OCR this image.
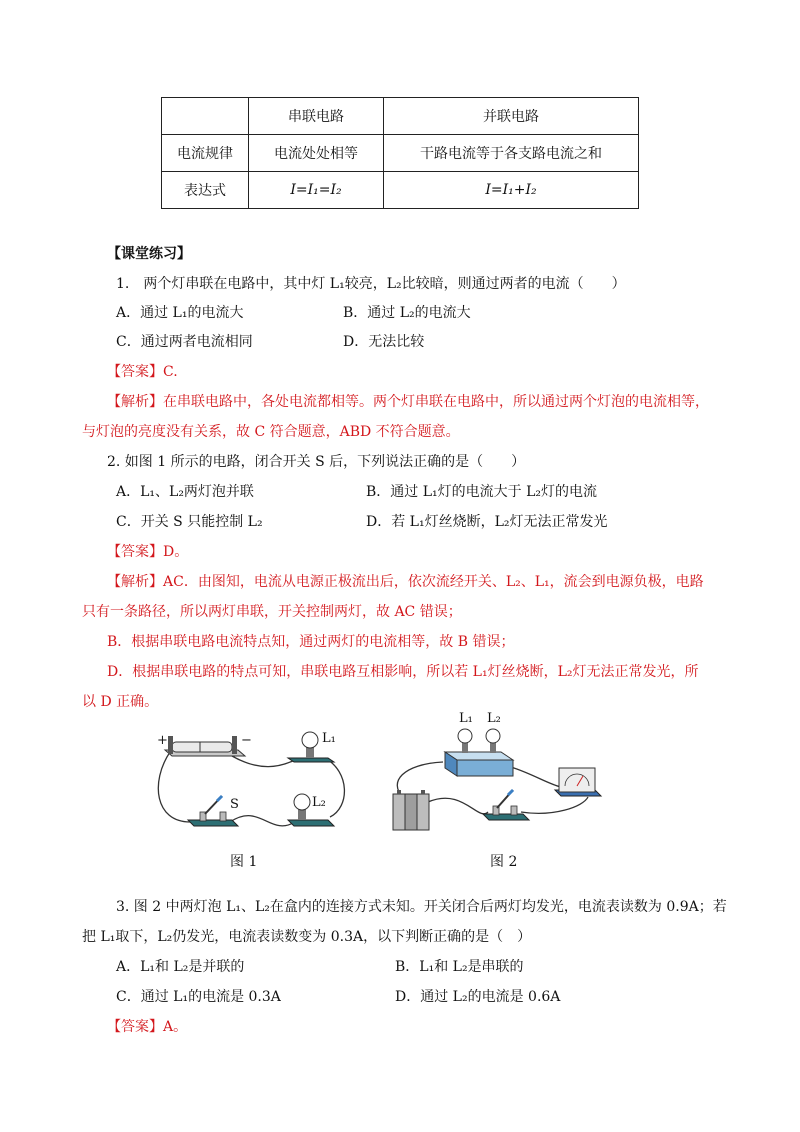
	串联电路	并联电路
电流规律	电流处处相等	干路电流等于各支路电流之和
表达式	I=I₁=I₂	I=I₁+I₂
【课堂练习】
1.　两个灯串联在电路中，其中灯 L₁较亮，L₂比较暗，则通过两者的电流（　　）
A．通过 L₁的电流大	B．通过 L₂的电流大
C．通过两者电流相同	D．无法比较
【答案】C.
【解析】在串联电路中，各处电流都相等。两个灯串联在电路中，所以通过两个灯泡的电流相等，
与灯泡的亮度没有关系，故 C 符合题意，ABD 不符合题意。
2. 如图 1 所示的电路，闭合开关 S 后，下列说法正确的是（　　）
A．L₁、L₂两灯泡并联	B．通过 L₁灯的电流大于 L₂灯的电流
C．开关 S 只能控制 L₂	D．若 L₁灯丝烧断，L₂灯无法正常发光
【答案】D。
【解析】AC．由图知，电流从电源正极流出后，依次流经开关、L₂、L₁，流会到电源负极，电路
只有一条路径，所以两灯串联，开关控制两灯，故 AC 错误；
B．根据串联电路电流特点知，通过两灯的电流相等，故 B 错误；
D．根据串联电路的特点可知，串联电路互相影响，所以若 L₁灯丝烧断，L₂灯无法正常发光，所
以 D 正确。
+	−	L₁
S	L₂
图 1
L₁ L₂
图 2
3. 图 2 中两灯泡 L₁、L₂在盒内的连接方式未知。开关闭合后两灯均发光，电流表读数为 0.9A；若
把 L₁取下，L₂仍发光，电流表读数变为 0.3A，以下判断正确的是（　）
A．L₁和 L₂是并联的	B．L₁和 L₂是串联的
C．通过 L₁的电流是 0.3A	D．通过 L₂的电流是 0.6A
【答案】A。
